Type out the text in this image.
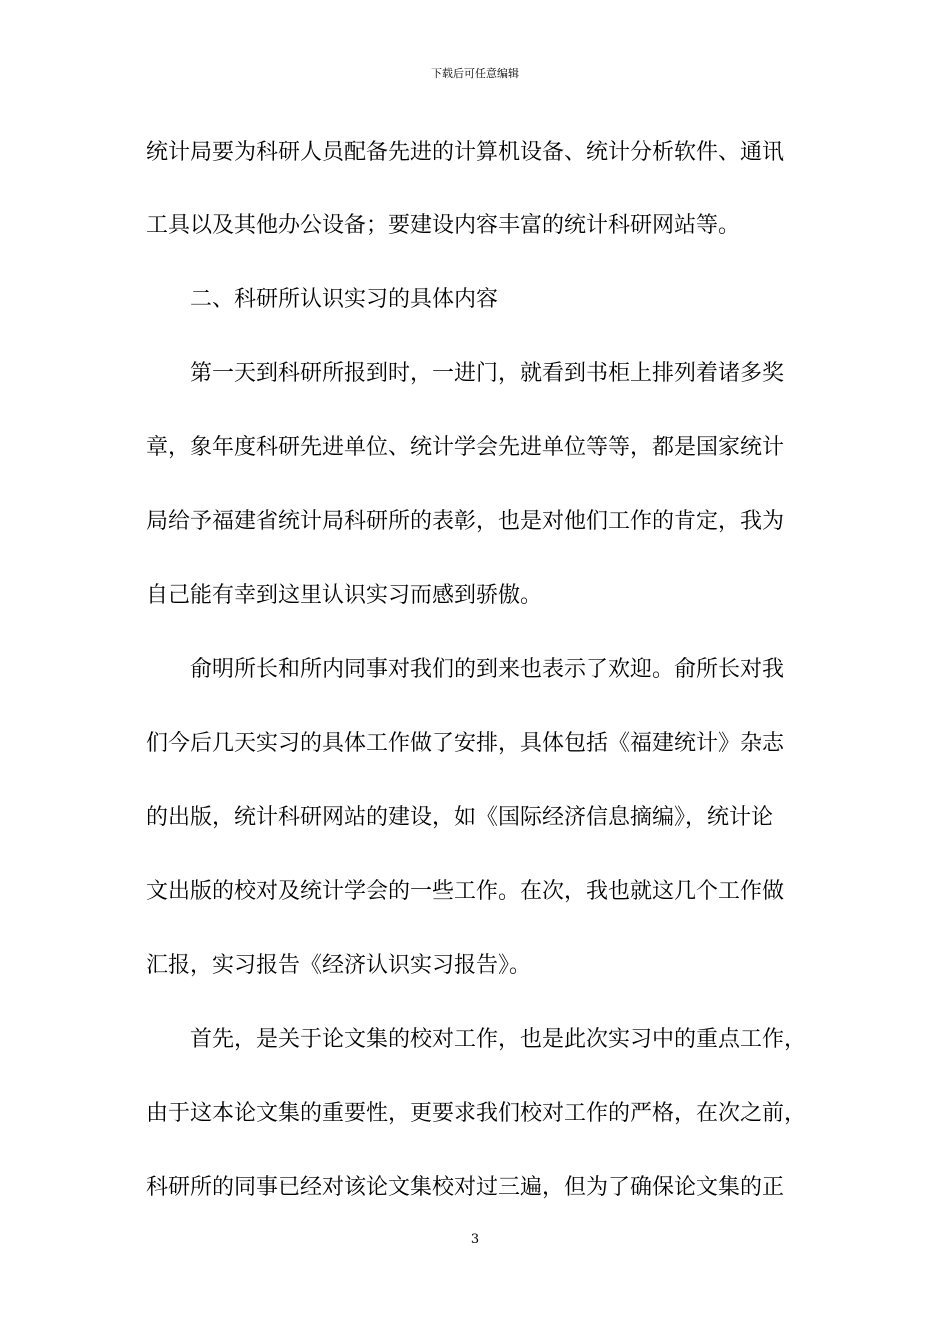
下载后可任意编辑
统计局要为科研人员配备先进的计算机设备、统计分析软件、通讯
工具以及其他办公设备；要建设内容丰富的统计科研网站等。
二、科研所认识实习的具体内容
第一天到科研所报到时，一进门，就看到书柜上排列着诸多奖
章，象年度科研先进单位、统计学会先进单位等等，都是国家统计
局给予福建省统计局科研所的表彰，也是对他们工作的肯定，我为
自己能有幸到这里认识实习而感到骄傲。
俞明所长和所内同事对我们的到来也表示了欢迎。俞所长对我
们今后几天实习的具体工作做了安排，具体包括《福建统计》杂志
的出版，统计科研网站的建设，如《国际经济信息摘编》，统计论
文出版的校对及统计学会的一些工作。在次，我也就这几个工作做
汇报，实习报告《经济认识实习报告》。
首先，是关于论文集的校对工作，也是此次实习中的重点工作，
由于这本论文集的重要性，更要求我们校对工作的严格，在次之前，
科研所的同事已经对该论文集校对过三遍，但为了确保论文集的正
3
